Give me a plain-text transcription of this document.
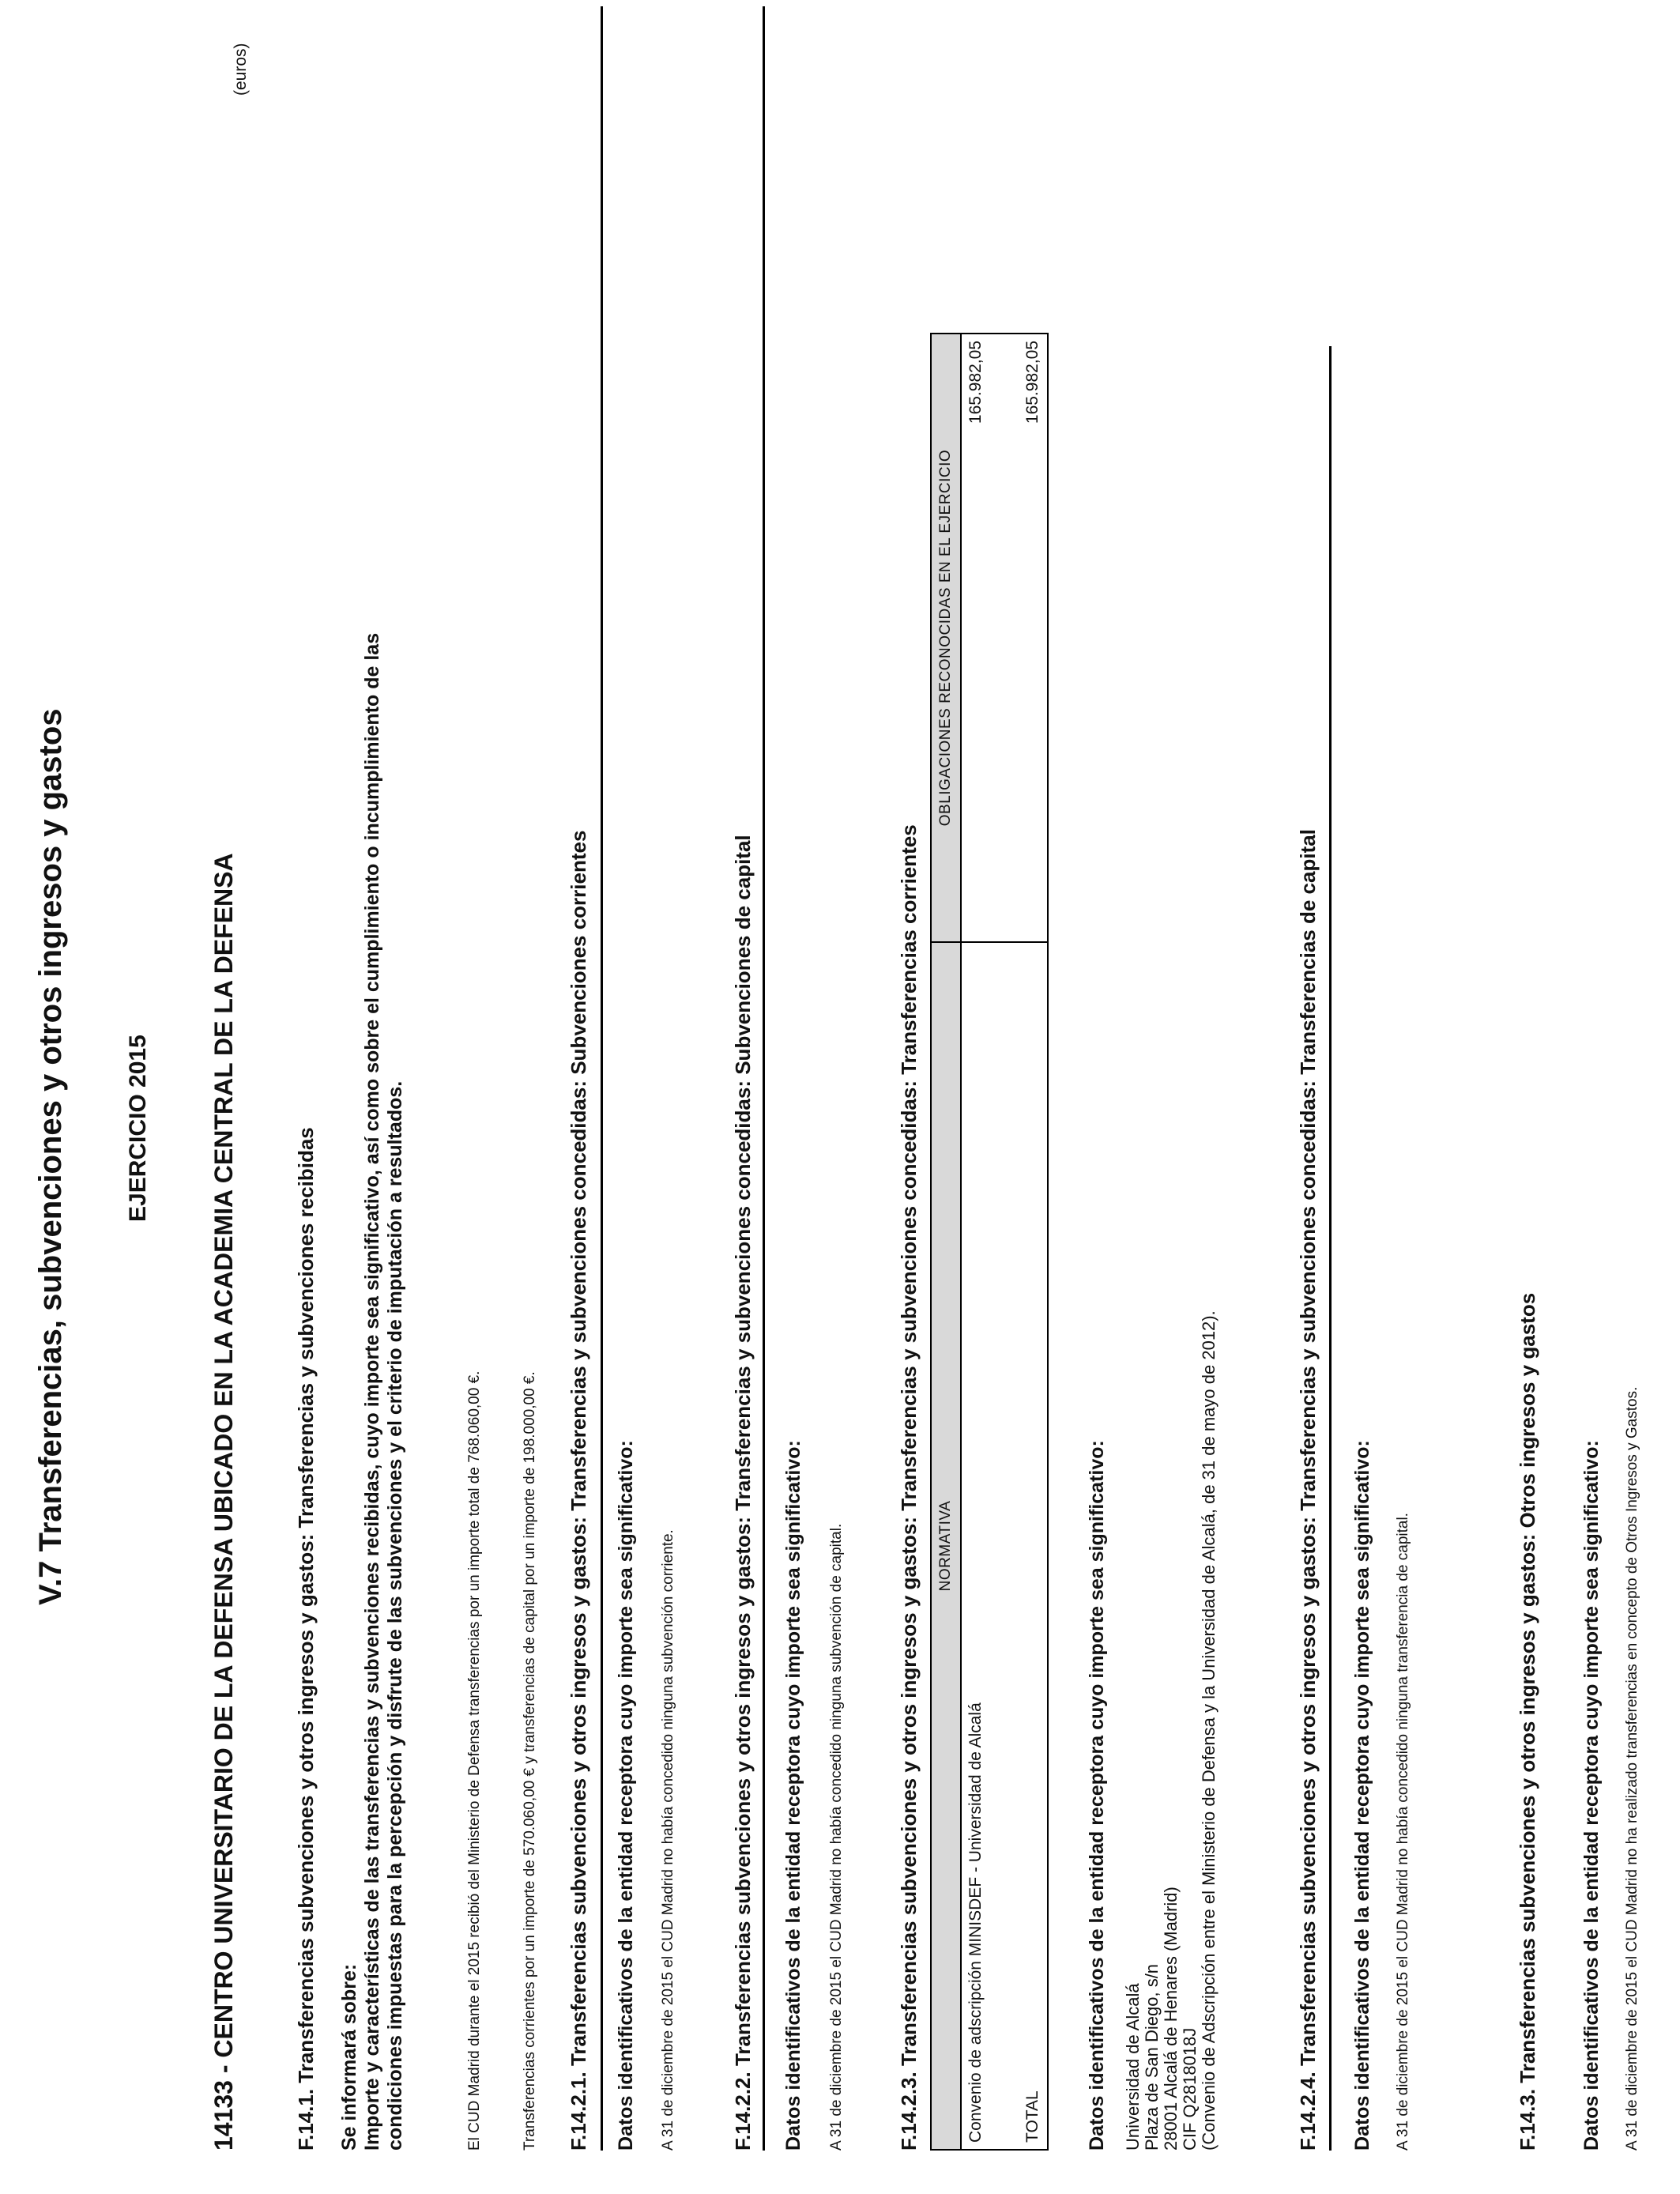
V.7 Transferencias, subvenciones y otros ingresos y gastos EJERCICIO 2015 14133 - CENTRO UNIVERSITARIO DE LA DEFENSA UBICADO EN LA ACADEMIA CENTRAL DE LA DEFENSA
(euros)
F.14.1. Transferencias subvenciones y otros ingresos y gastos: Transferencias y subvenciones recibidas Se informará sobre: Importe y características de las transferencias y subvenciones recibidas, cuyo importe sea significativo, así como sobre el cumplimiento o incumplimiento de las condiciones impuestas para la percepción y disfrute de las subvenciones y el criterio de imputación a resultados.	El CUD Madrid durante el 2015 recibió del Ministerio de Defensa transferencias por un importe total de 768.060,00 €.	Transferencias corrientes por un importe de 570.060,00 € y transferencias de capital por un importe de 198.000,00 €. F.14.2.1. Transferencias subvenciones y otros ingresos y gastos: Transferencias y subvenciones concedidas: Subvenciones corrientes Datos identificativos de la entidad receptora cuyo importe sea significativo: A 31 de diciembre de 2015 el CUD Madrid no había concedido ninguna subvención corriente.	F.14.2.2. Transferencias subvenciones y otros ingresos y gastos: Transferencias y subvenciones concedidas: Subvenciones de capital Datos identificativos de la entidad receptora cuyo importe sea significativo: A 31 de diciembre de 2015 el CUD Madrid no había concedido ninguna subvención de capital.	F.14.2.3. Transferencias subvenciones y otros ingresos y gastos: Transferencias y subvenciones concedidas: Transferencias corrientes NORMATIVA	OBLIGACIONES RECONOCIDAS EN EL EJERCICIO
Convenio de adscripción MINISDEF - Universidad de Alcalá	165.982,05

TOTAL	165.982,05
Datos identificativos de la entidad receptora cuyo importe sea significativo: Universidad de Alcalá Plaza de San Diego, s/n 28001 Alcalá de Henares (Madrid) CIF Q2818018J (Convenio de Adscripción entre el Ministerio de Defensa y la Universidad de Alcalá, de 31 de mayo de 2012).	F.14.2.4. Transferencias subvenciones y otros ingresos y gastos: Transferencias y subvenciones concedidas: Transferencias de capital Datos identificativos de la entidad receptora cuyo importe sea significativo: A 31 de diciembre de 2015 el CUD Madrid no había concedido ninguna transferencia de capital.	F.14.3. Transferencias subvenciones y otros ingresos y gastos: Otros ingresos y gastos Datos identificativos de la entidad receptora cuyo importe sea significativo: A 31 de diciembre de 2015 el CUD Madrid no ha realizado transferencias en concepto de Otros Ingresos y Gastos.
